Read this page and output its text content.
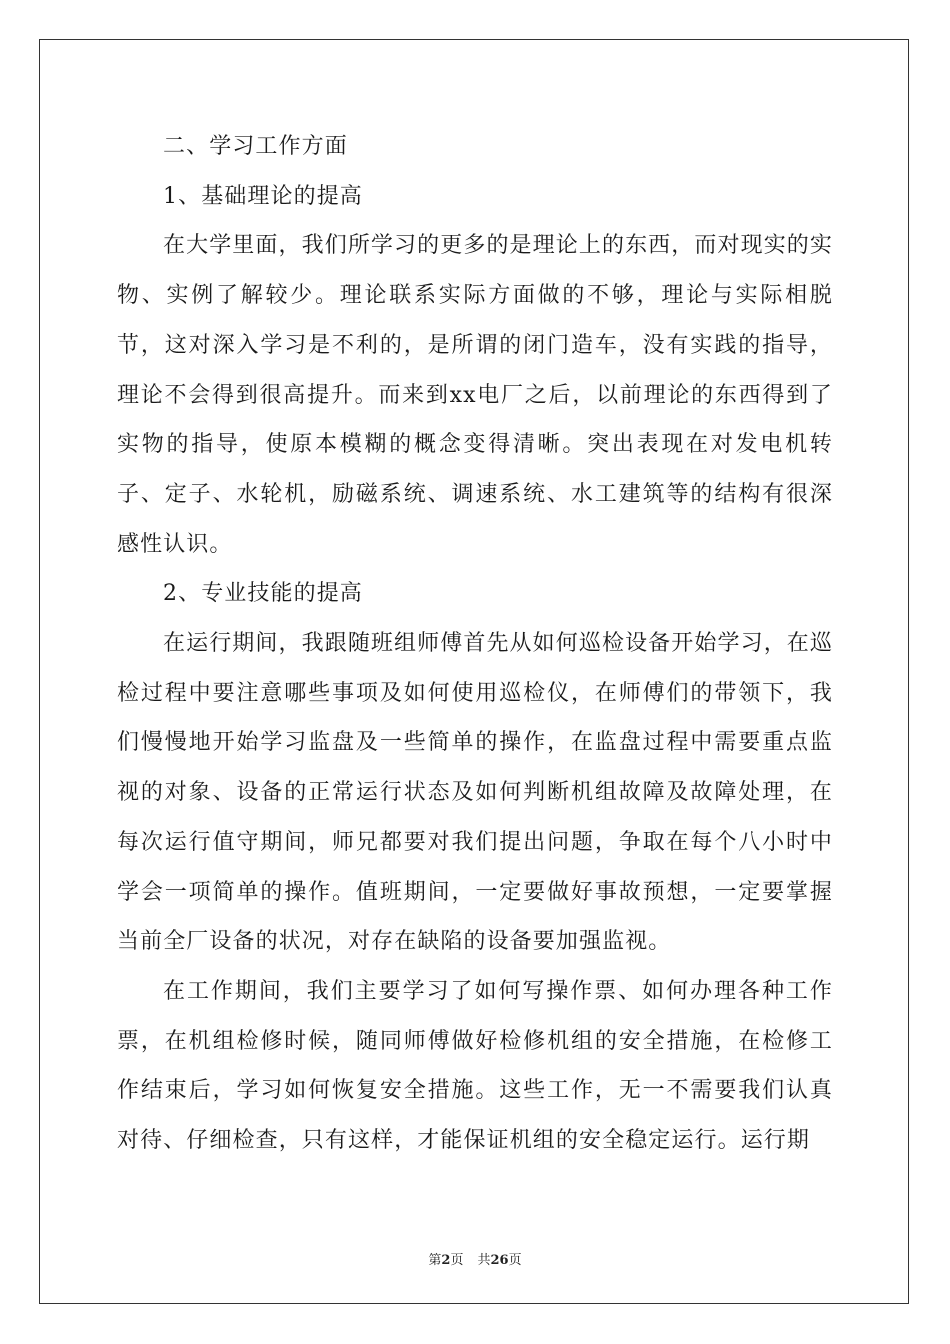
二、学习工作方面

1、基础理论的提高

在大学里面，我们所学习的更多的是理论上的东西，而对现实的实物、实例了解较少。理论联系实际方面做的不够，理论与实际相脱节，这对深入学习是不利的，是所谓的闭门造车，没有实践的指导，理论不会得到很高提升。而来到xx电厂之后，以前理论的东西得到了实物的指导，使原本模糊的概念变得清晰。突出表现在对发电机转子、定子、水轮机，励磁系统、调速系统、水工建筑等的结构有很深感性认识。

2、专业技能的提高

在运行期间，我跟随班组师傅首先从如何巡检设备开始学习，在巡检过程中要注意哪些事项及如何使用巡检仪，在师傅们的带领下，我们慢慢地开始学习监盘及一些简单的操作，在监盘过程中需要重点监视的对象、设备的正常运行状态及如何判断机组故障及故障处理，在每次运行值守期间，师兄都要对我们提出问题，争取在每个八小时中学会一项简单的操作。值班期间，一定要做好事故预想，一定要掌握当前全厂设备的状况，对存在缺陷的设备要加强监视。

在工作期间，我们主要学习了如何写操作票、如何办理各种工作票，在机组检修时候，随同师傅做好检修机组的安全措施，在检修工作结束后，学习如何恢复安全措施。这些工作，无一不需要我们认真对待、仔细检查，只有这样，才能保证机组的安全稳定运行。运行期

第2页 共26页
